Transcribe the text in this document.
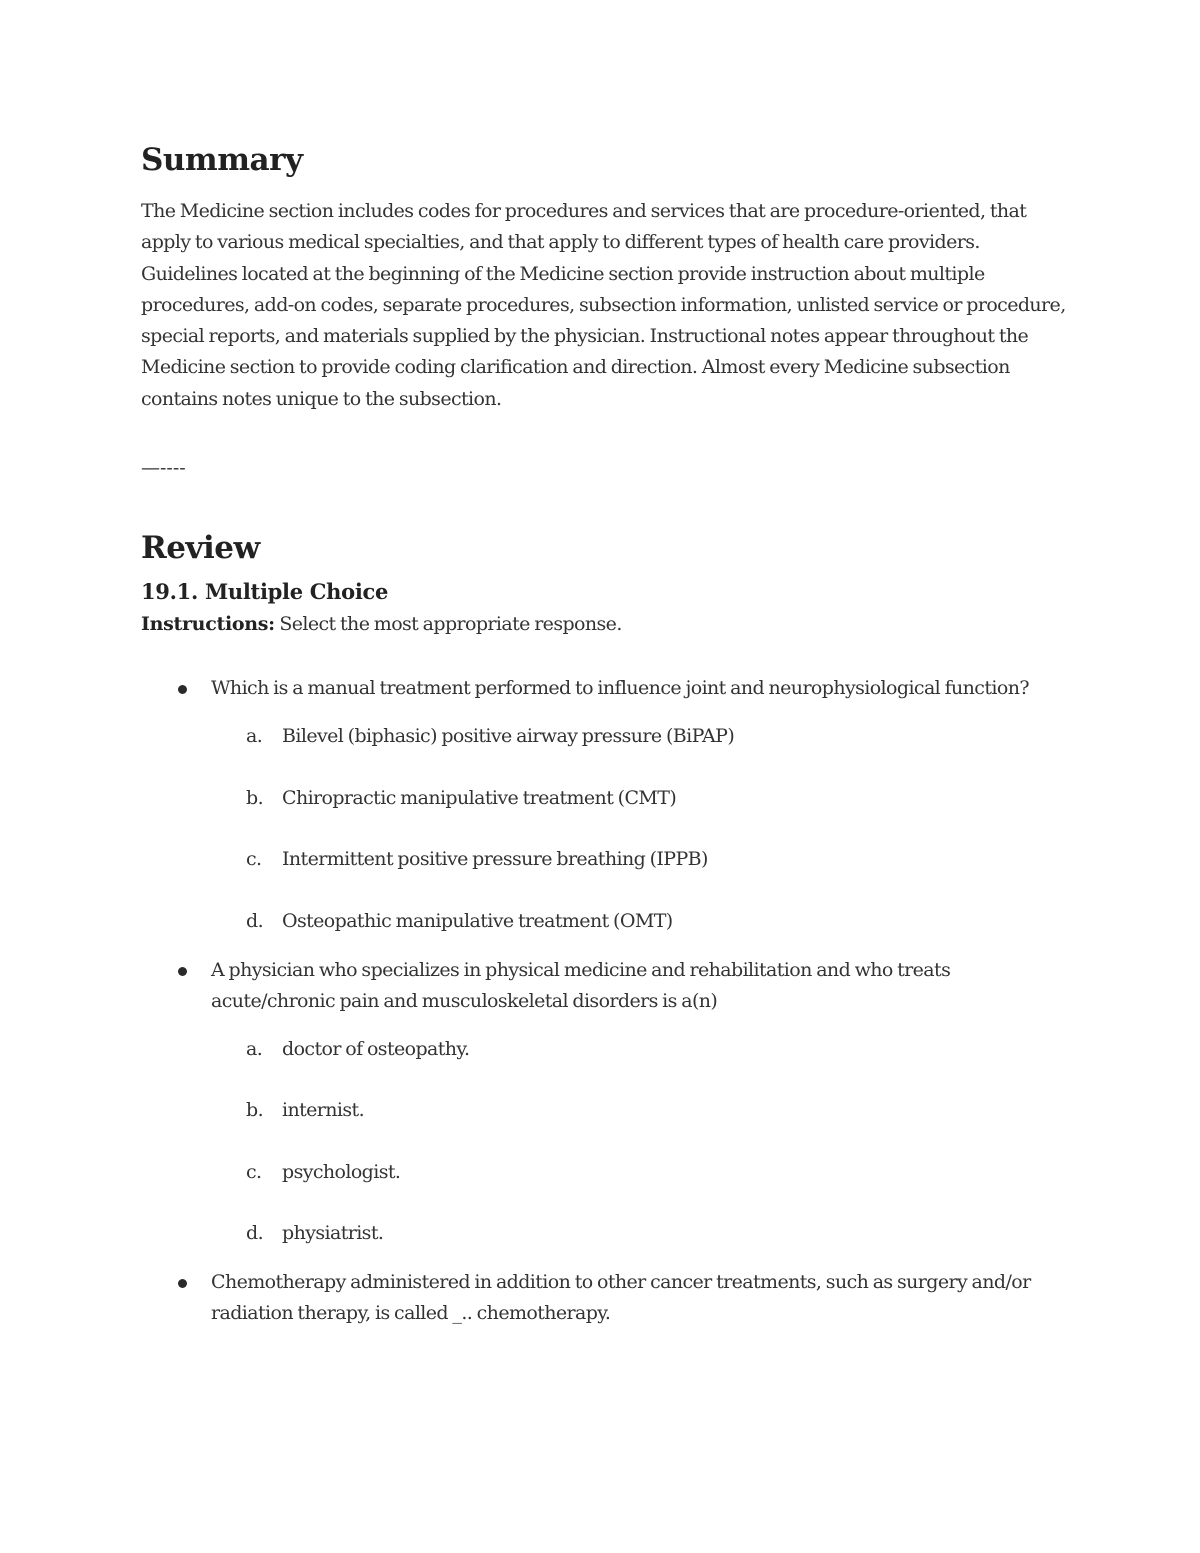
Summary

The Medicine section includes codes for procedures and services that are procedure-oriented, that apply to various medical specialties, and that apply to different types of health care providers. Guidelines located at the beginning of the Medicine section provide instruction about multiple procedures, add-on codes, separate procedures, subsection information, unlisted service or procedure, special reports, and materials supplied by the physician. Instructional notes appear throughout the Medicine section to provide coding clarification and direction. Almost every Medicine subsection contains notes unique to the subsection.

—----
Review
19.1. Multiple Choice
Instructions: Select the most appropriate response.
Which is a manual treatment performed to influence joint and neurophysiological function?
a. Bilevel (biphasic) positive airway pressure (BiPAP)
b. Chiropractic manipulative treatment (CMT)
c. Intermittent positive pressure breathing (IPPB)
d. Osteopathic manipulative treatment (OMT)
A physician who specializes in physical medicine and rehabilitation and who treats acute/chronic pain and musculoskeletal disorders is a(n)
a. doctor of osteopathy.
b. internist.
c. psychologist.
d. physiatrist.
Chemotherapy administered in addition to other cancer treatments, such as surgery and/or radiation therapy, is called _.. chemotherapy.
